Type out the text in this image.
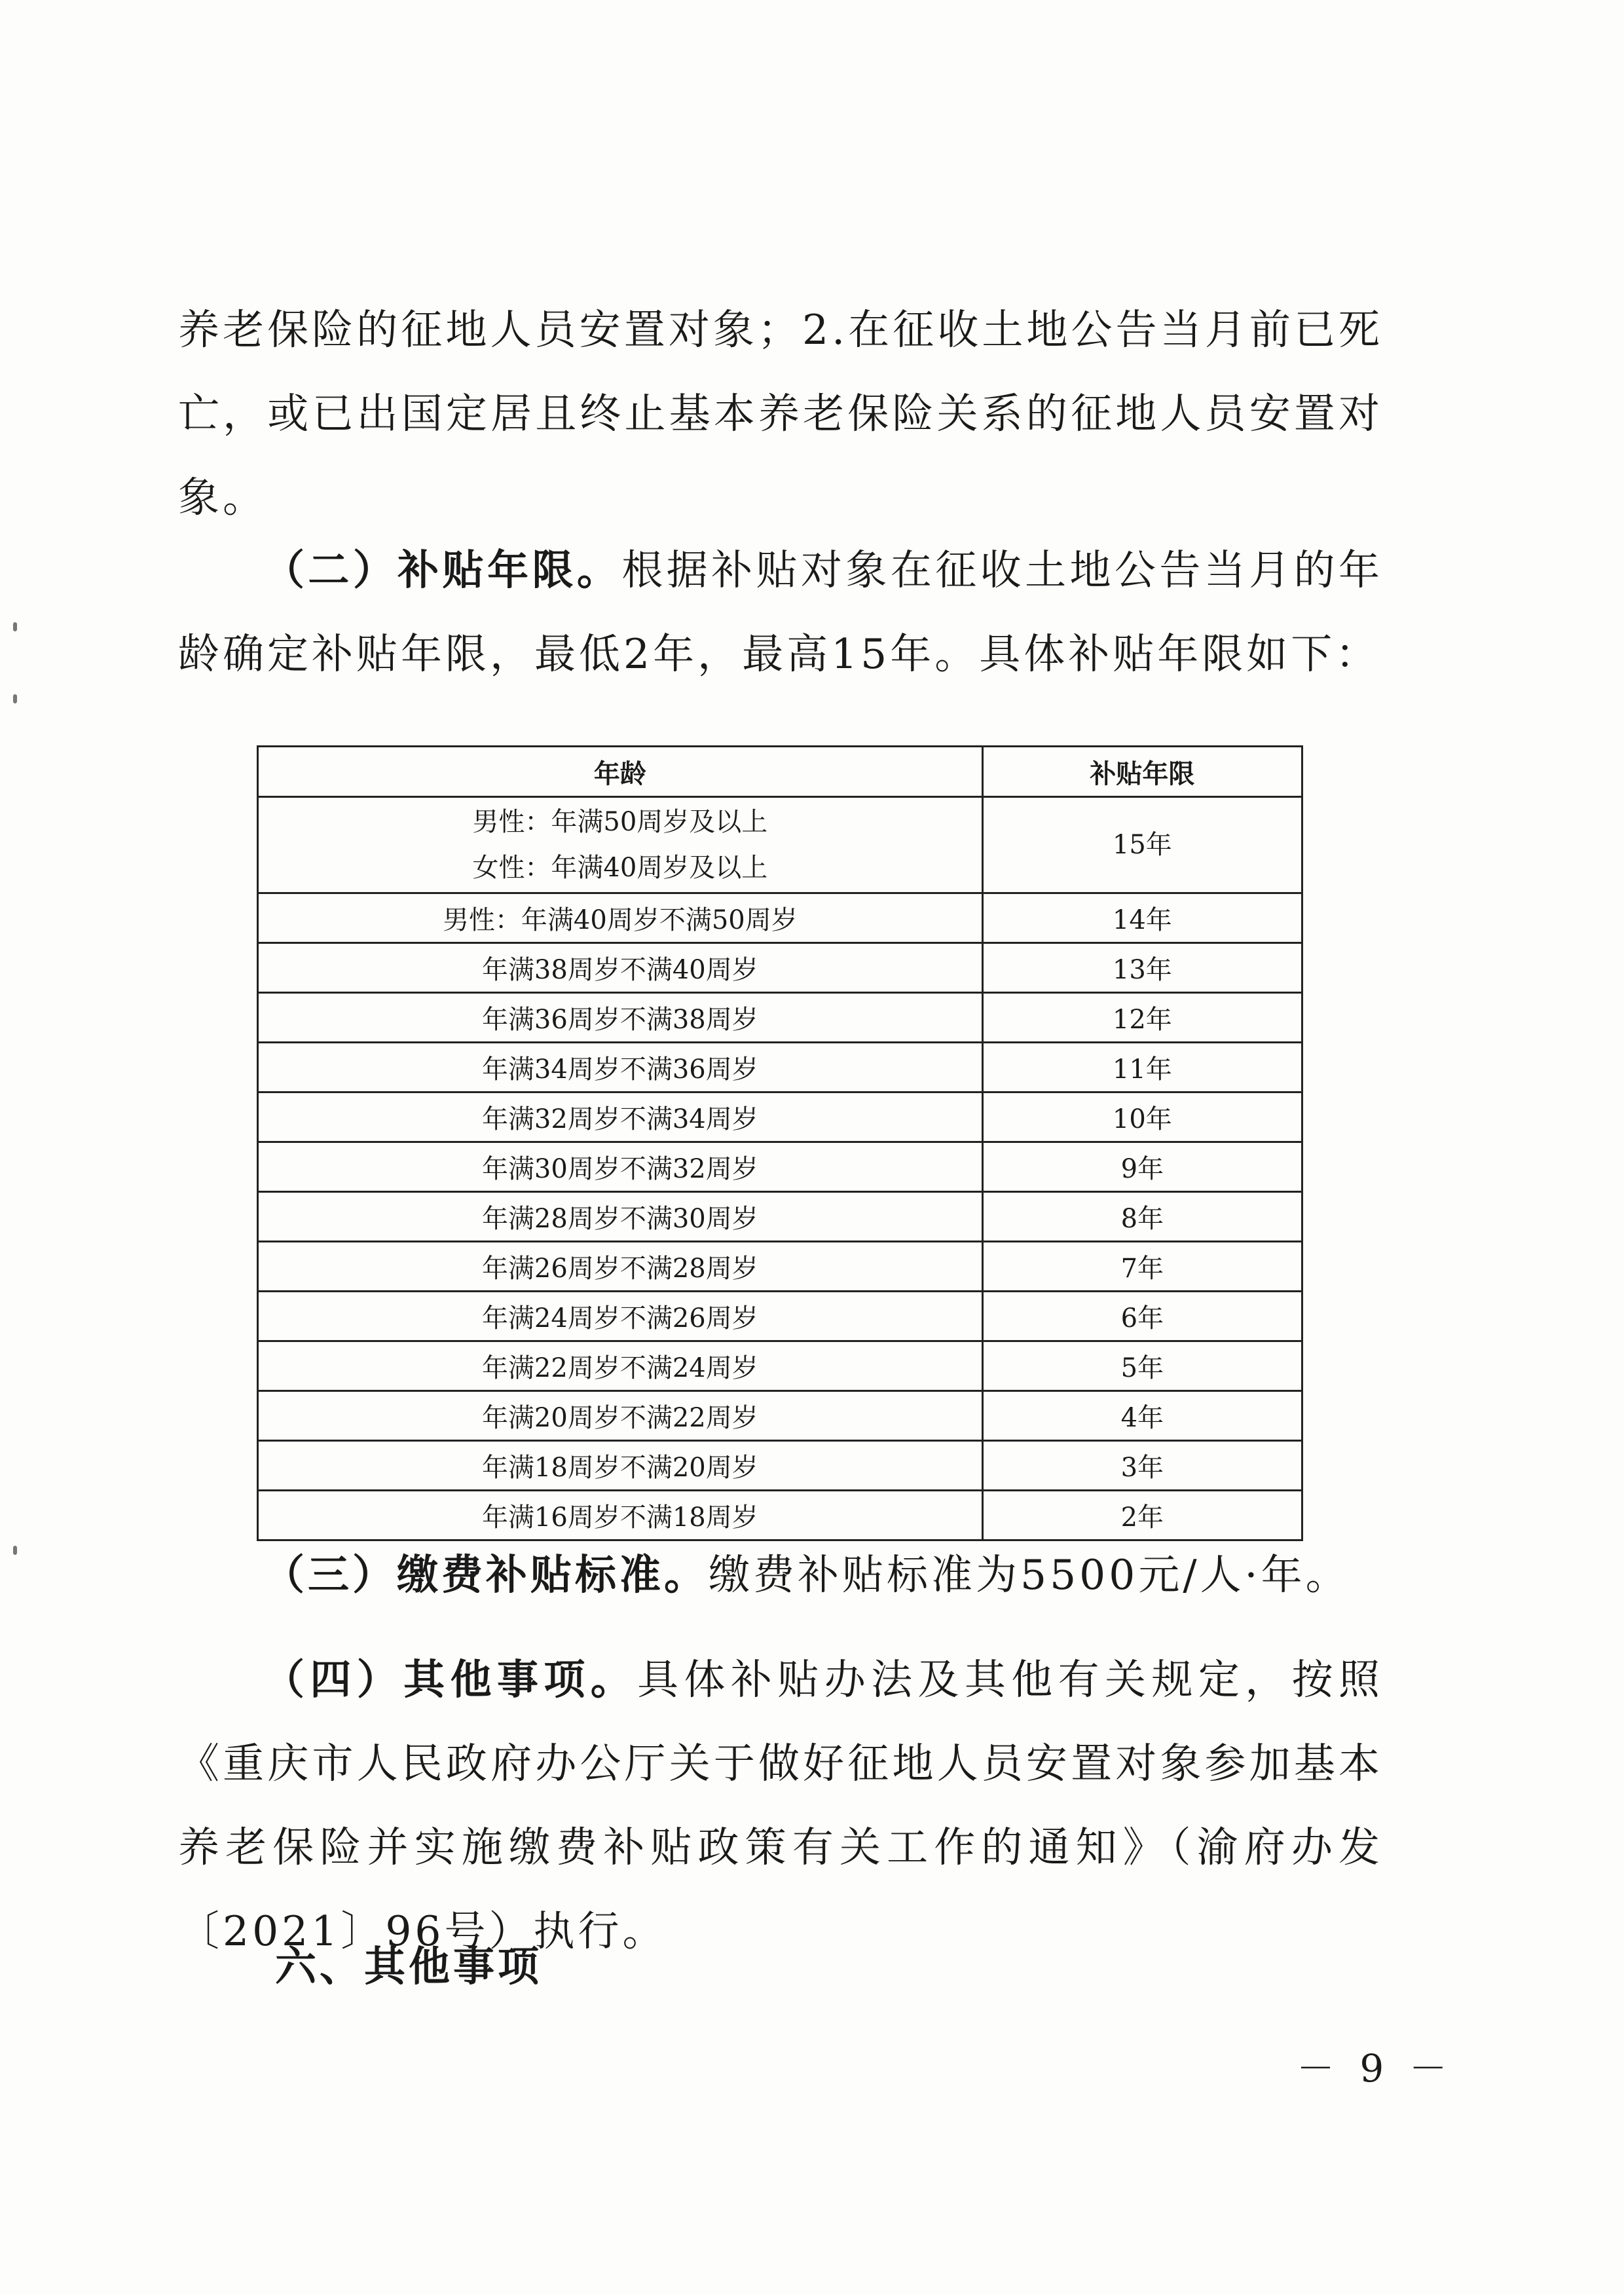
养老保险的征地人员安置对象；2.在征收土地公告当月前已死亡，或已出国定居且终止基本养老保险关系的征地人员安置对象。

（二）补贴年限。根据补贴对象在征收土地公告当月的年龄确定补贴年限，最低2年，最高15年。具体补贴年限如下：

年龄	补贴年限

男性：年满50周岁及以上
女性：年满40周岁及以上	15年
男性：年满40周岁不满50周岁	14年
年满38周岁不满40周岁	13年
年满36周岁不满38周岁	12年
年满34周岁不满36周岁	11年
年满32周岁不满34周岁	10年
年满30周岁不满32周岁	9年
年满28周岁不满30周岁	8年
年满26周岁不满28周岁	7年
年满24周岁不满26周岁	6年
年满22周岁不满24周岁	5年
年满20周岁不满22周岁	4年
年满18周岁不满20周岁	3年
年满16周岁不满18周岁	2年

（三）缴费补贴标准。缴费补贴标准为5500元/人·年。

（四）其他事项。具体补贴办法及其他有关规定，按照《重庆市人民政府办公厅关于做好征地人员安置对象参加基本养老保险并实施缴费补贴政策有关工作的通知》（渝府办发〔2021〕96号）执行。

六、其他事项
－ 9 －
